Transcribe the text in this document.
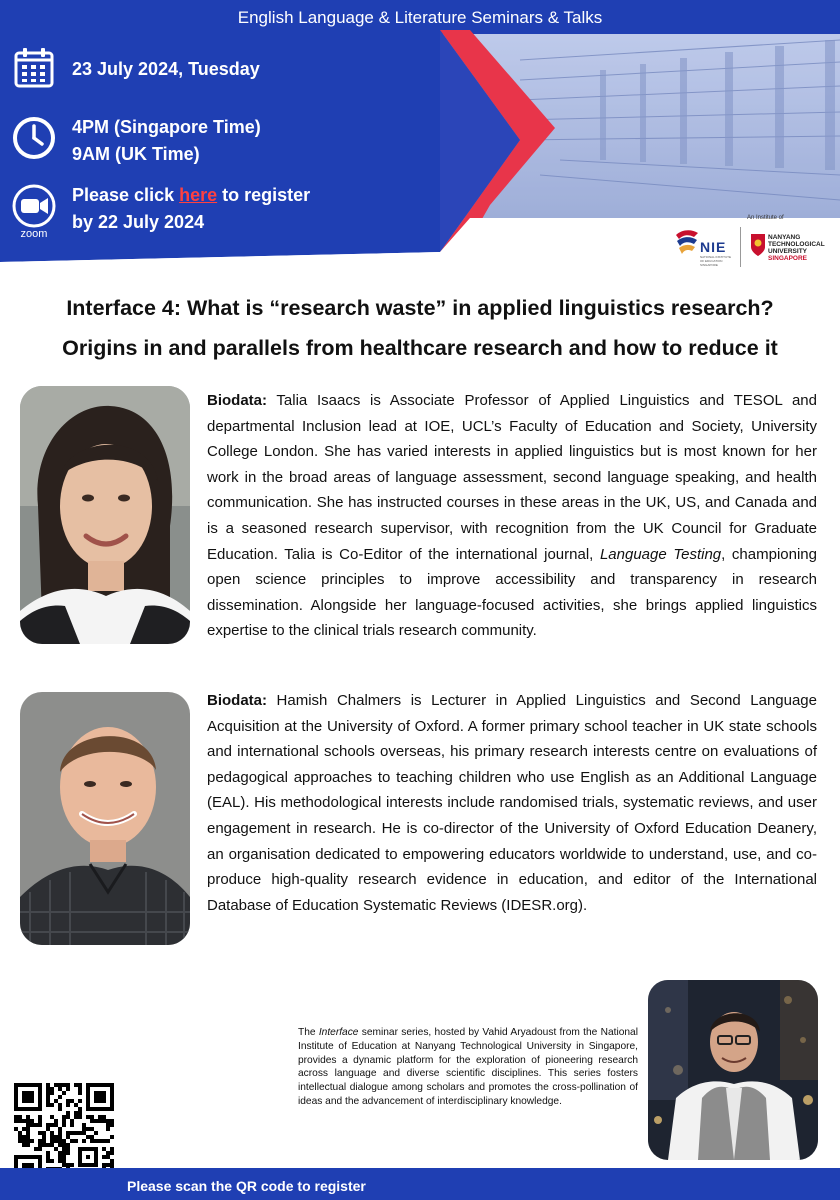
English Language & Literature Seminars & Talks
23 July 2024, Tuesday
4PM (Singapore Time)
9AM (UK Time)
zoom
Please click here to register
by 22 July 2024	An Institute of
NIE
NATIONAL INSTITUTE OF EDUCATION SINGAPORE
NANYANG
TECHNOLOGICAL
UNIVERSITY
SINGAPORE
Interface 4: What is “research waste” in applied linguistics research?
Origins in and parallels from healthcare research and how to reduce it
Biodata: Talia Isaacs is Associate Professor of Applied Linguistics and TESOL and departmental Inclusion lead at IOE, UCL’s Faculty of Education and Society, University College London. She has varied interests in applied linguistics but is most known for her work in the broad areas of language assessment, second language speaking, and health communication. She has instructed courses in these areas in the UK, US, and Canada and is a seasoned research supervisor, with recognition from the UK Council for Graduate Education. Talia is Co-Editor of the international journal, Language Testing, championing open science principles to improve accessibility and transparency in research dissemination. Alongside her language-focused activities, she brings applied linguistics expertise to the clinical trials research community.
Biodata: Hamish Chalmers is Lecturer in Applied Linguistics and Second Language Acquisition at the University of Oxford. A former primary school teacher in UK state schools and international schools overseas, his primary research interests centre on evaluations of pedagogical approaches to teaching children who use English as an Additional Language (EAL). His methodological interests include randomised trials, systematic reviews, and user engagement in research. He is co-director of the University of Oxford Education Deanery, an organisation dedicated to empowering educators worldwide to understand, use, and co-produce high-quality research evidence in education, and editor of the International Database of Education Systematic Reviews (IDESR.org).
The Interface seminar series, hosted by Vahid Aryadoust from the National Institute of Education at Nanyang Technological University in Singapore, provides a dynamic platform for the exploration of pioneering research across language and diverse scientific disciplines. This series fosters intellectual dialogue among scholars and promotes the cross-pollination of ideas and the advancement of interdisciplinary knowledge.
Please scan the QR code to register
